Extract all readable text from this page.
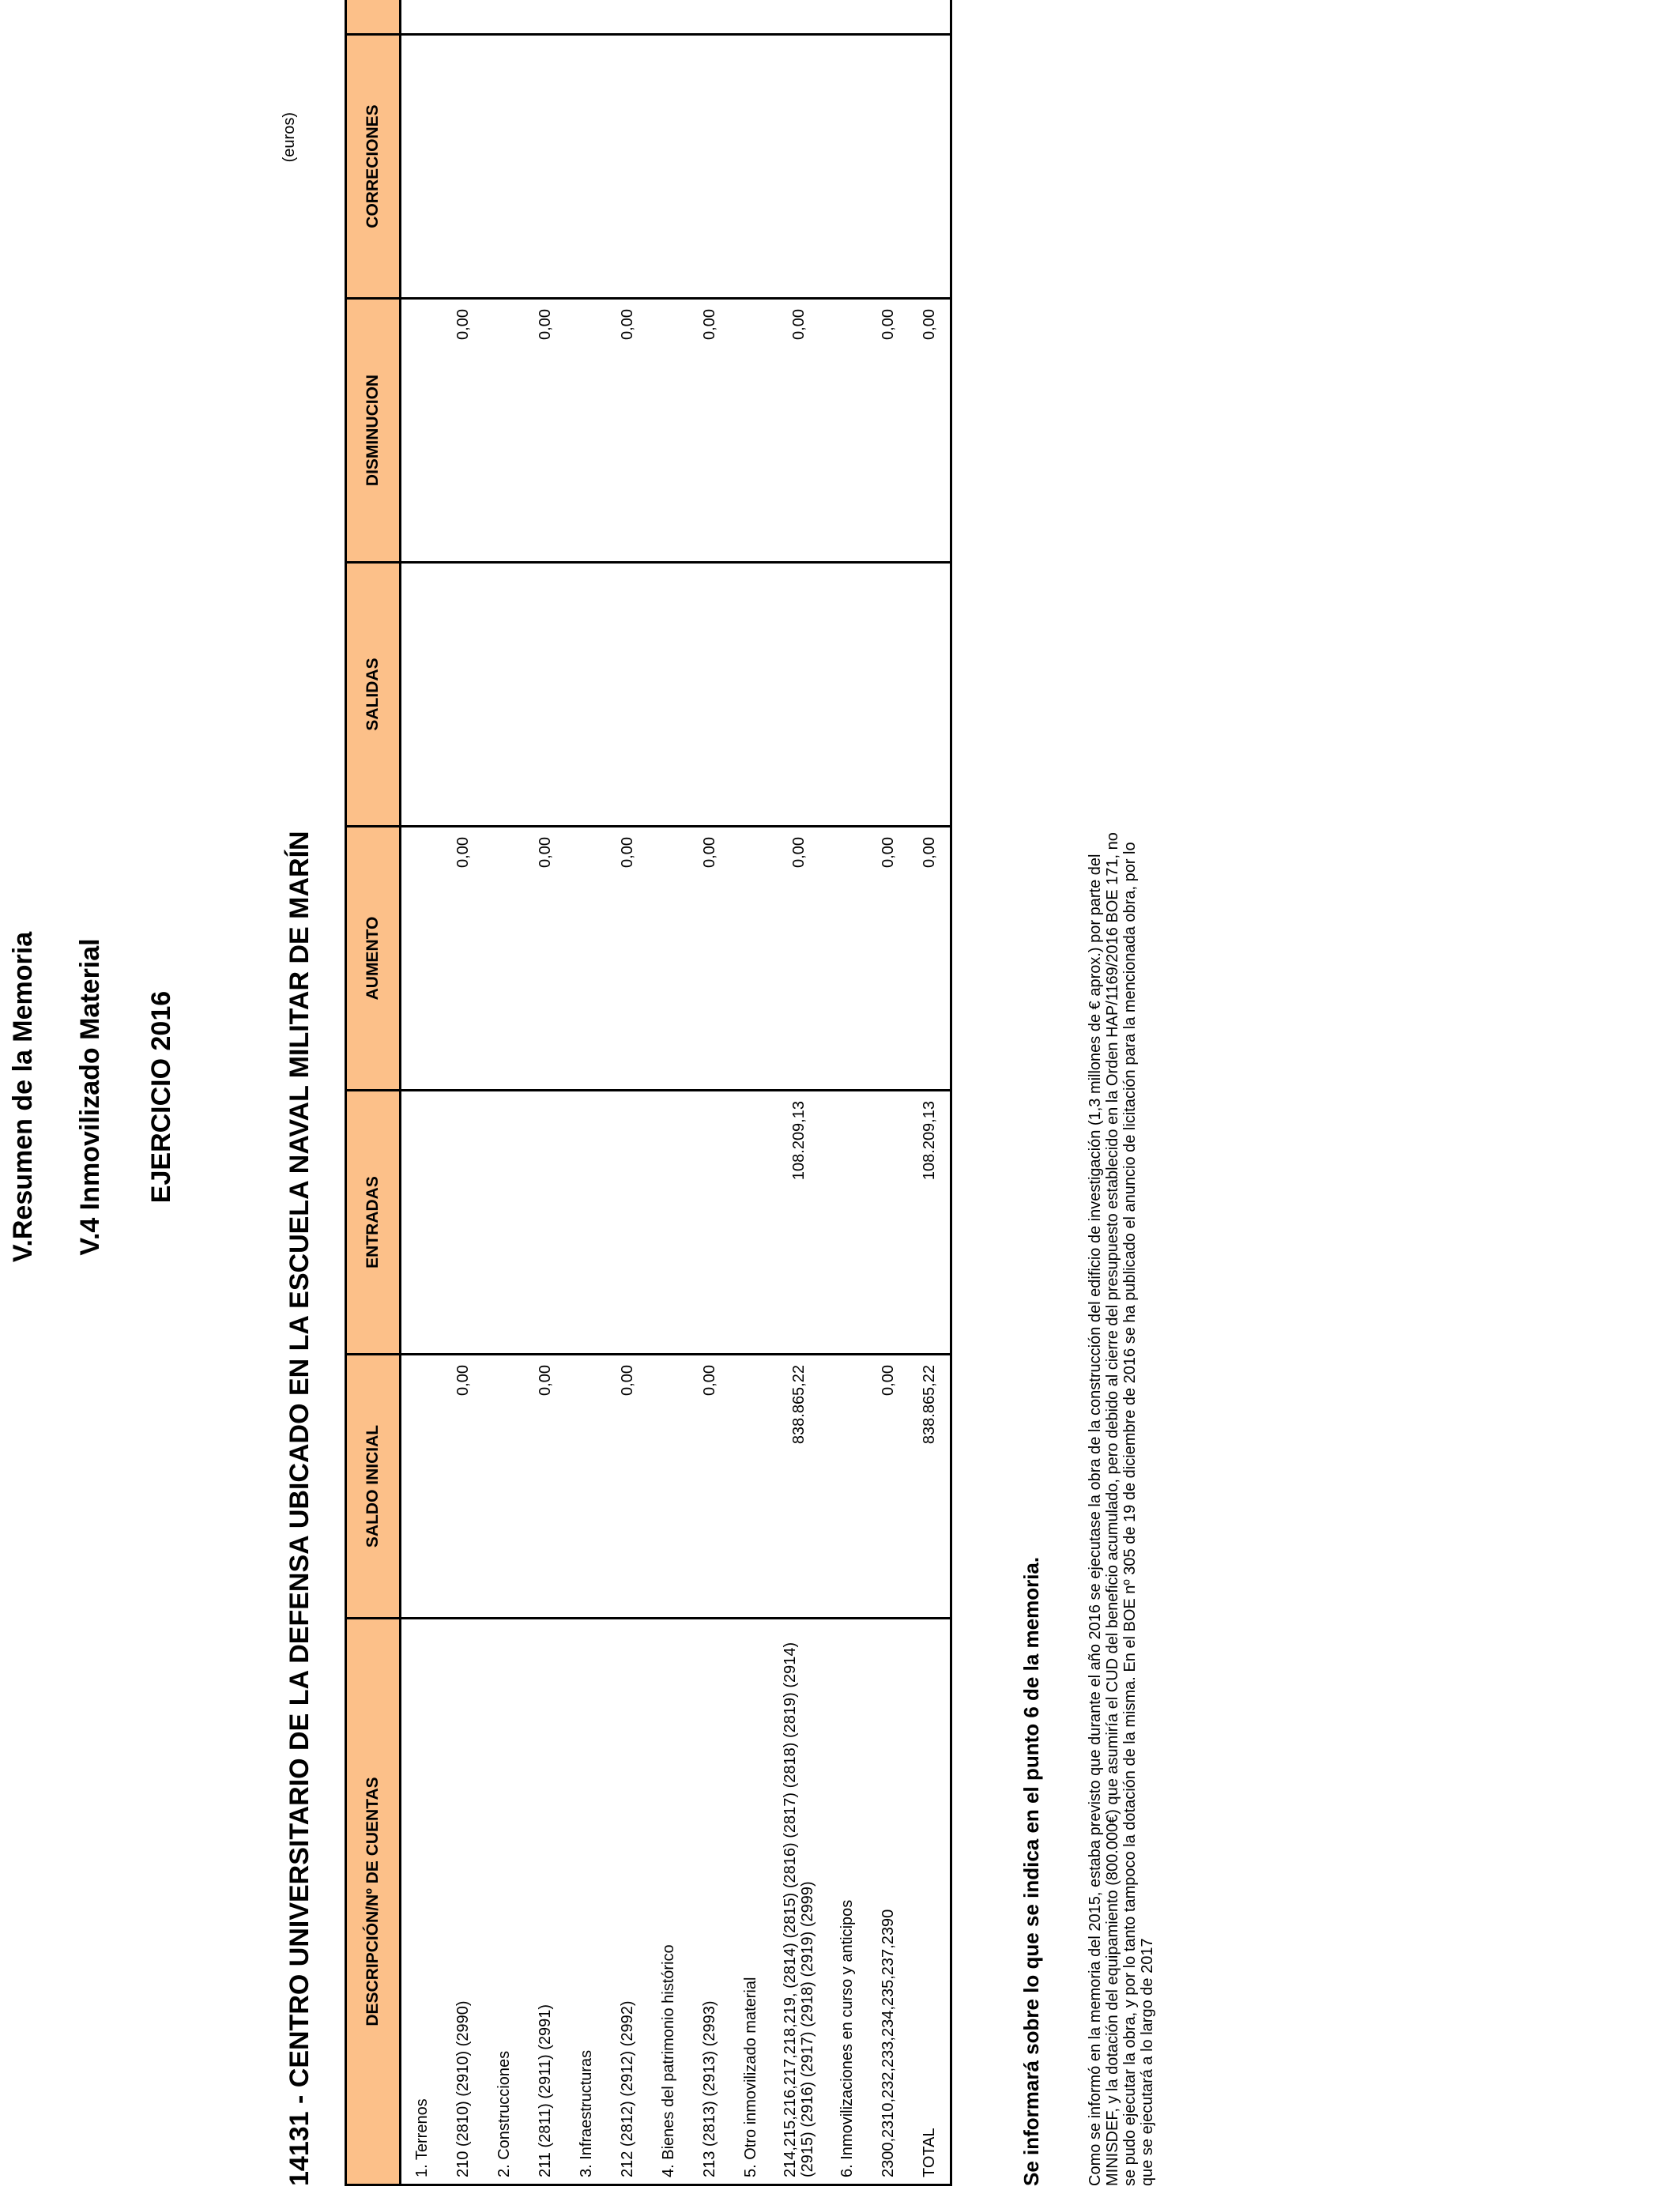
V.Resumen de la Memoria V.4 Inmovilizado Material EJERCICIO 2016	14131 - CENTRO UNIVERSITARIO DE LA DEFENSA UBICADO EN LA ESCUELA NAVAL MILITAR DE MARÍN
(euros)
DESCRIPCIÓN/Nº DE CUENTAS	SALDO INICIAL	ENTRADAS	AUMENTO	SALIDAS	DISMINUCION	CORRECIONES		
1. Terrenos								
210 (2810) (2910) (2990)	0,00		0,00		0,00			
2. Construcciones								
211 (2811) (2911) (2991)	0,00		0,00		0,00			
3. Infraestructuras								
212 (2812) (2912) (2992)	0,00		0,00		0,00			
4. Bienes del patrimonio histórico								
213 (2813) (2913) (2993)	0,00		0,00		0,00			
5. Otro inmovilizado material								
214,215,216,217,218,219, (2814) (2815) (2816) (2817) (2818) (2819) (2914) (2915) (2916) (2917) (2918) (2919) (2999)	838.865,22	108.209,13	0,00		0,00			
6. Inmovilizaciones en curso y anticipos								
2300,2310,232,233,234,235,237,2390	0,00		0,00		0,00			
TOTAL	838.865,22	108.209,13	0,00		0,00			

Se informará sobre lo que se indica en el punto 6 de la memoria.	Como se informó en la memoria del 2015, estaba previsto que durante el año 2016 se ejecutase la obra de la construcción del edificio de investigación (1,3 millones de € aprox.) por parte del MINISDEF, y la dotación del equipamiento (800.000€) que asumiría el CUD del beneficio acumulado, pero debido al cierre del presupuesto establecido en la Orden HAP/1169/2016 BOE 171, no se pudo ejecutar la obra, y por lo tanto tampoco la dotación de la misma. En el BOE nº 305 de 19 de diciembre de 2016 se ha publicado el anuncio de licitación para la mencionada obra, por lo que se ejecutará a lo largo de 2017
